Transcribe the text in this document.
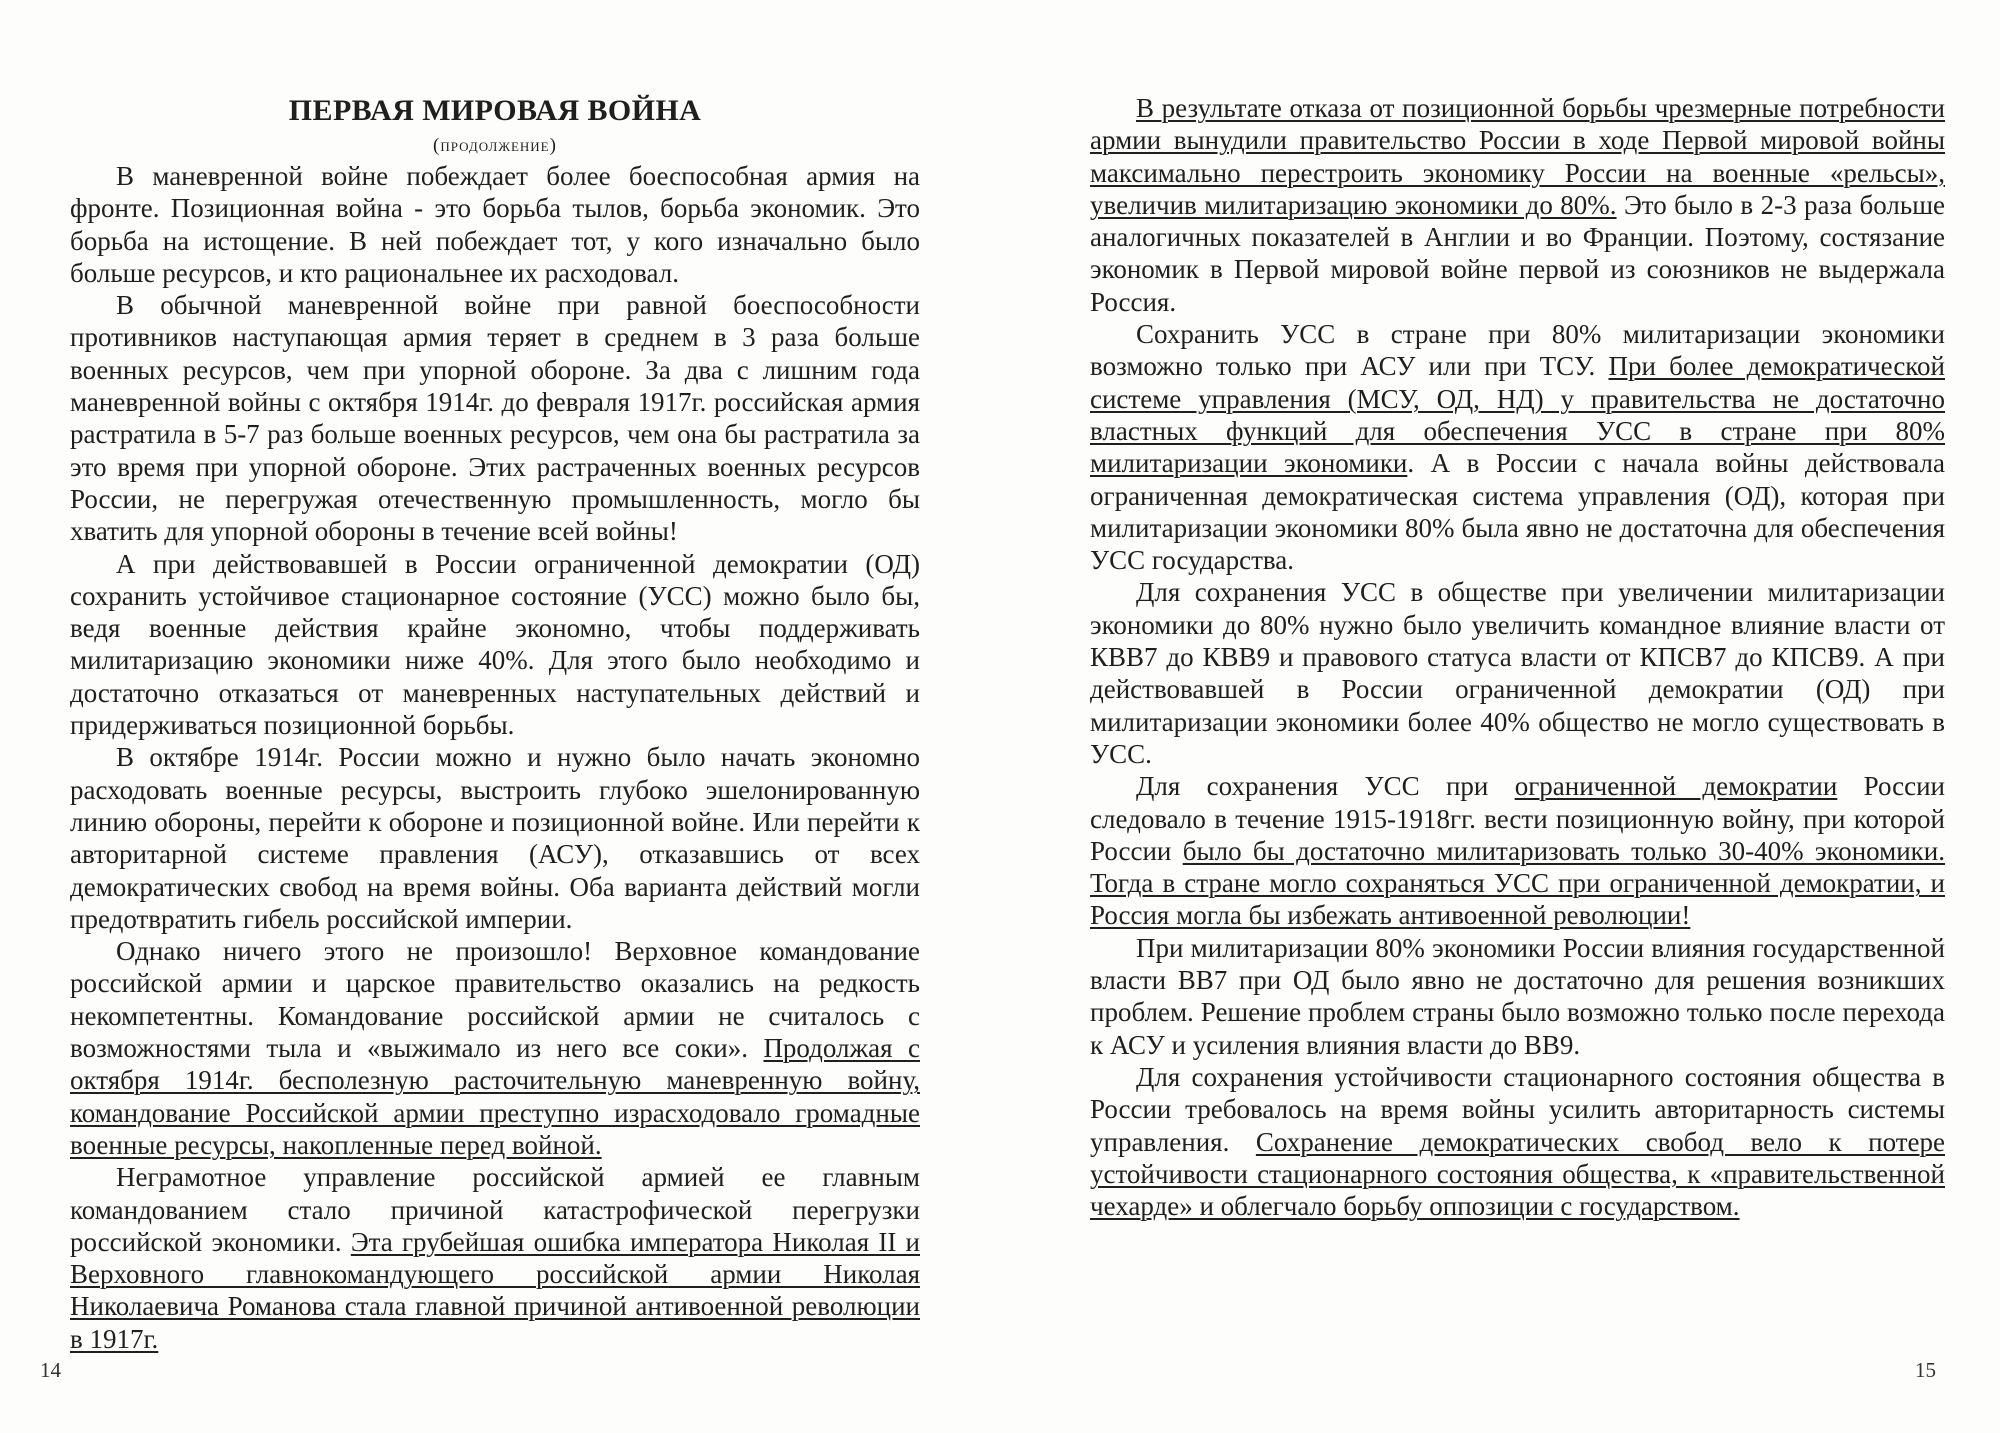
ПЕРВАЯ МИРОВАЯ ВОЙНА

(продолжение)

В маневренной войне побеждает более боеспособная армия на фронте. Позиционная война - это борьба тылов, борьба экономик. Это борьба на истощение. В ней побеждает тот, у кого изначально было больше ресурсов, и кто рациональнее их расходовал.

В обычной маневренной войне при равной боеспособности противников наступающая армия теряет в среднем в 3 раза больше военных ресурсов, чем при упорной обороне. За два с лишним года маневренной войны с октября 1914г. до февраля 1917г. российская армия растратила в 5-7 раз больше военных ресурсов, чем она бы растратила за это время при упорной обороне. Этих растраченных военных ресурсов России, не перегружая отечественную промышленность, могло бы хватить для упорной обороны в течение всей войны!

А при действовавшей в России ограниченной демократии (ОД) сохранить устойчивое стационарное состояние (УСС) можно было бы, ведя военные действия крайне экономно, чтобы поддерживать милитаризацию экономики ниже 40%. Для этого было необходимо и достаточно отказаться от маневренных наступательных действий и придерживаться позиционной борьбы.

В октябре 1914г. России можно и нужно было начать экономно расходовать военные ресурсы, выстроить глубоко эшелонированную линию обороны, перейти к обороне и позиционной войне. Или перейти к авторитарной системе правления (АСУ), отказавшись от всех демократических свобод на время войны. Оба варианта действий могли предотвратить гибель российской империи.

Однако ничего этого не произошло! Верховное командование российской армии и царское правительство оказались на редкость некомпетентны. Командование российской армии не считалось с возможностями тыла и «выжимало из него все соки». Продолжая с октября 1914г. бесполезную расточительную маневренную войну, командование Российской армии преступно израсходовало громадные военные ресурсы, накопленные перед войной.

Неграмотное управление российской армией ее главным командованием стало причиной катастрофической перегрузки российской экономики. Эта грубейшая ошибка императора Николая II и Верховного главнокомандующего российской армии Николая Николаевича Романова стала главной причиной антивоенной революции в 1917г.

14

В результате отказа от позиционной борьбы чрезмерные потребности армии вынудили правительство России в ходе Первой мировой войны максимально перестроить экономику России на военные «рельсы», увеличив милитаризацию экономики до 80%. Это было в 2-3 раза больше аналогичных показателей в Англии и во Франции. Поэтому, состязание экономик в Первой мировой войне первой из союзников не выдержала Россия.

Сохранить УСС в стране при 80% милитаризации экономики возможно только при АСУ или при ТСУ. При более демократической системе управления (МСУ, ОД, НД) у правительства не достаточно властных функций для обеспечения УСС в стране при 80% милитаризации экономики. А в России с начала войны действовала ограниченная демократическая система управления (ОД), которая при милитаризации экономики 80% была явно не достаточна для обеспечения УСС государства.

Для сохранения УСС в обществе при увеличении милитаризации экономики до 80% нужно было увеличить командное влияние власти от КВВ7 до КВВ9 и правового статуса власти от КПСВ7 до КПСВ9. А при действовавшей в России ограниченной демократии (ОД) при милитаризации экономики более 40% общество не могло существовать в УСС.

Для сохранения УСС при ограниченной демократии России следовало в течение 1915-1918гг. вести позиционную войну, при которой России было бы достаточно милитаризовать только 30-40% экономики. Тогда в стране могло сохраняться УСС при ограниченной демократии, и Россия могла бы избежать антивоенной революции!

При милитаризации 80% экономики России влияния государственной власти ВВ7 при ОД было явно не достаточно для решения возникших проблем. Решение проблем страны было возможно только после перехода к АСУ и усиления влияния власти до ВВ9.

Для сохранения устойчивости стационарного состояния общества в России требовалось на время войны усилить авторитарность системы управления. Сохранение демократических свобод вело к потере устойчивости стационарного состояния общества, к «правительственной чехарде» и облегчало борьбу оппозиции с государством.

15
